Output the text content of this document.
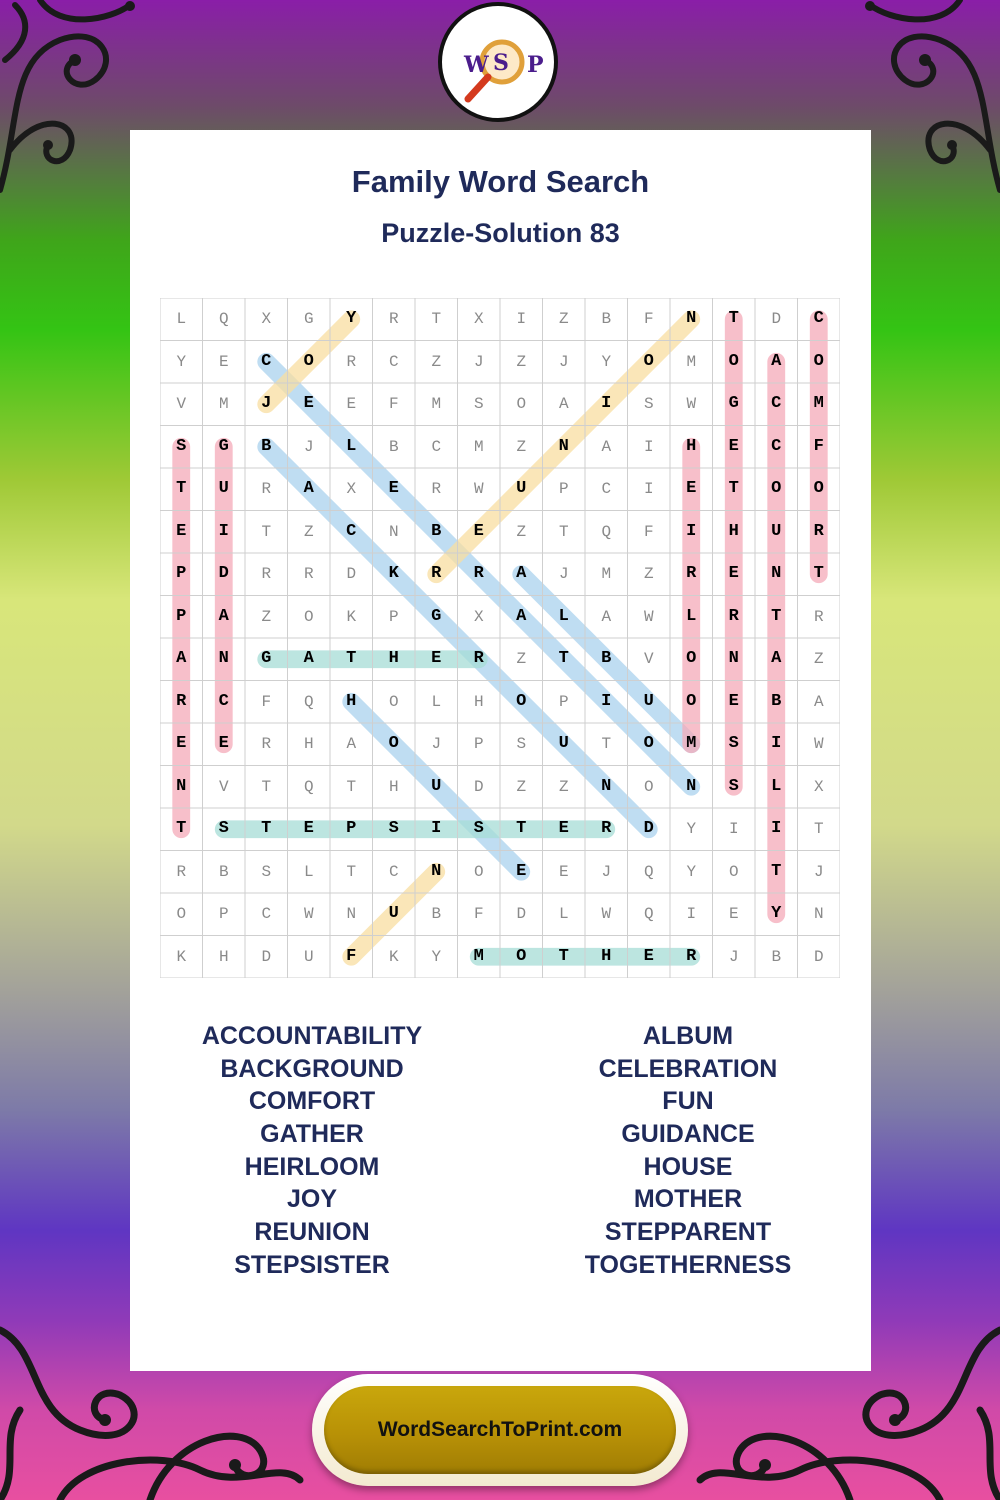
W S P
Family Word Search
Puzzle-Solution 83
L	Q	X	G	Y	R	T	X	I	Z	B	F	N	T	D	C
Y	E	C	O	R	C	Z	J	Z	J	Y	O	M	O	A	O
V	M	J	E	E	F	M	S	O	A	I	S	W	G	C	M
S	G	B	J	L	B	C	M	Z	N	A	I	H	E	C	F
T	U	R	A	X	E	R	W	U	P	C	I	E	T	O	O
E	I	T	Z	C	N	B	E	Z	T	Q	F	I	H	U	R
P	D	R	R	D	K	R	R	A	J	M	Z	R	E	N	T
P	A	Z	O	K	P	G	X	A	L	A	W	L	R	T	R
A	N	G	A	T	H	E	R	Z	T	B	V	O	N	A	Z
R	C	F	Q	H	O	L	H	O	P	I	U	O	E	B	A
E	E	R	H	A	O	J	P	S	U	T	O	M	S	I	W
N	V	T	Q	T	H	U	D	Z	Z	N	O	N	S	L	X
T	S	T	E	P	S	I	S	T	E	R	D	Y	I	I	T
R	B	S	L	T	C	N	O	E	E	J	Q	Y	O	T	J
O	P	C	W	N	U	B	F	D	L	W	Q	I	E	Y	N
K	H	D	U	F	K	Y	M	O	T	H	E	R	J	B	D
ACCOUNTABILITY
BACKGROUND
COMFORT
GATHER
HEIRLOOM
JOY
REUNION
STEPSISTER
ALBUM
CELEBRATION
FUN
GUIDANCE
HOUSE
MOTHER
STEPPARENT
TOGETHERNESS
WordSearchToPrint.com
